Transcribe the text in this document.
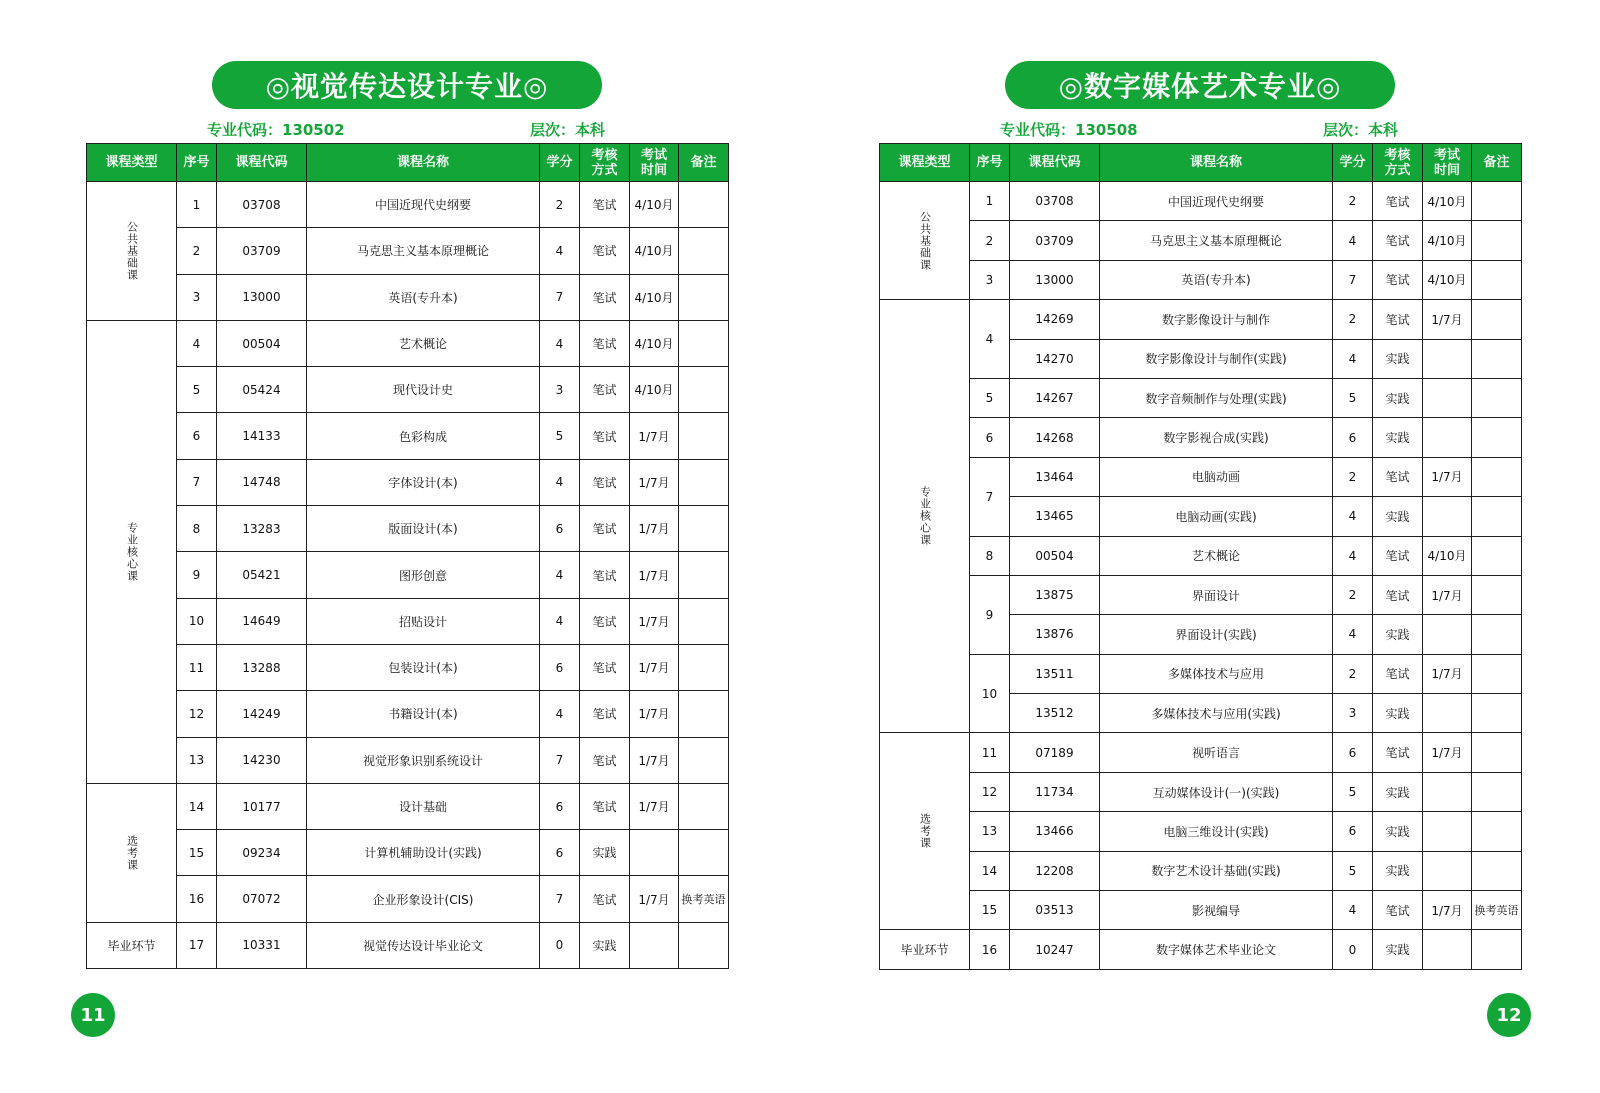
◎视觉传达设计专业◎
专业代码：130502	层次：本科
课程类型	序号	课程代码	课程名称	学分	考核方式	考试时间	备注
公共基础课	1	03708	中国近现代史纲要	2	笔试	4/10月	
	2	03709	马克思主义基本原理概论	4	笔试	4/10月	
	3	13000	英语(专升本)	7	笔试	4/10月	
专业核心课	4	00504	艺术概论	4	笔试	4/10月	
	5	05424	现代设计史	3	笔试	4/10月	
	6	14133	色彩构成	5	笔试	1/7月	
	7	14748	字体设计(本)	4	笔试	1/7月	
	8	13283	版面设计(本)	6	笔试	1/7月	
	9	05421	图形创意	4	笔试	1/7月	
	10	14649	招贴设计	4	笔试	1/7月	
	11	13288	包装设计(本)	6	笔试	1/7月	
	12	14249	书籍设计(本)	4	笔试	1/7月	
	13	14230	视觉形象识别系统设计	7	笔试	1/7月	
选考课	14	10177	设计基础	6	笔试	1/7月	
	15	09234	计算机辅助设计(实践)	6	实践		
	16	07072	企业形象设计(CIS)	7	笔试	1/7月	换考英语
毕业环节	17	10331	视觉传达设计毕业论文	0	实践		
11
◎数字媒体艺术专业◎
专业代码：130508	层次：本科
课程类型	序号	课程代码	课程名称	学分	考核方式	考试时间	备注
公共基础课	1	03708	中国近现代史纲要	2	笔试	4/10月	
	2	03709	马克思主义基本原理概论	4	笔试	4/10月	
	3	13000	英语(专升本)	7	笔试	4/10月	
专业核心课	4	14269	数字影像设计与制作	2	笔试	1/7月	
		14270	数字影像设计与制作(实践)	4	实践		
	5	14267	数字音频制作与处理(实践)	5	实践		
	6	14268	数字影视合成(实践)	6	实践		
	7	13464	电脑动画	2	笔试	1/7月	
		13465	电脑动画(实践)	4	实践		
	8	00504	艺术概论	4	笔试	4/10月	
	9	13875	界面设计	2	笔试	1/7月	
		13876	界面设计(实践)	4	实践		
	10	13511	多媒体技术与应用	2	笔试	1/7月	
		13512	多媒体技术与应用(实践)	3	实践		
选考课	11	07189	视听语言	6	笔试	1/7月	
	12	11734	互动媒体设计(一)(实践)	5	实践		
	13	13466	电脑三维设计(实践)	6	实践		
	14	12208	数字艺术设计基础(实践)	5	实践		
	15	03513	影视编导	4	笔试	1/7月	换考英语
毕业环节	16	10247	数字媒体艺术毕业论文	0	实践		
12
